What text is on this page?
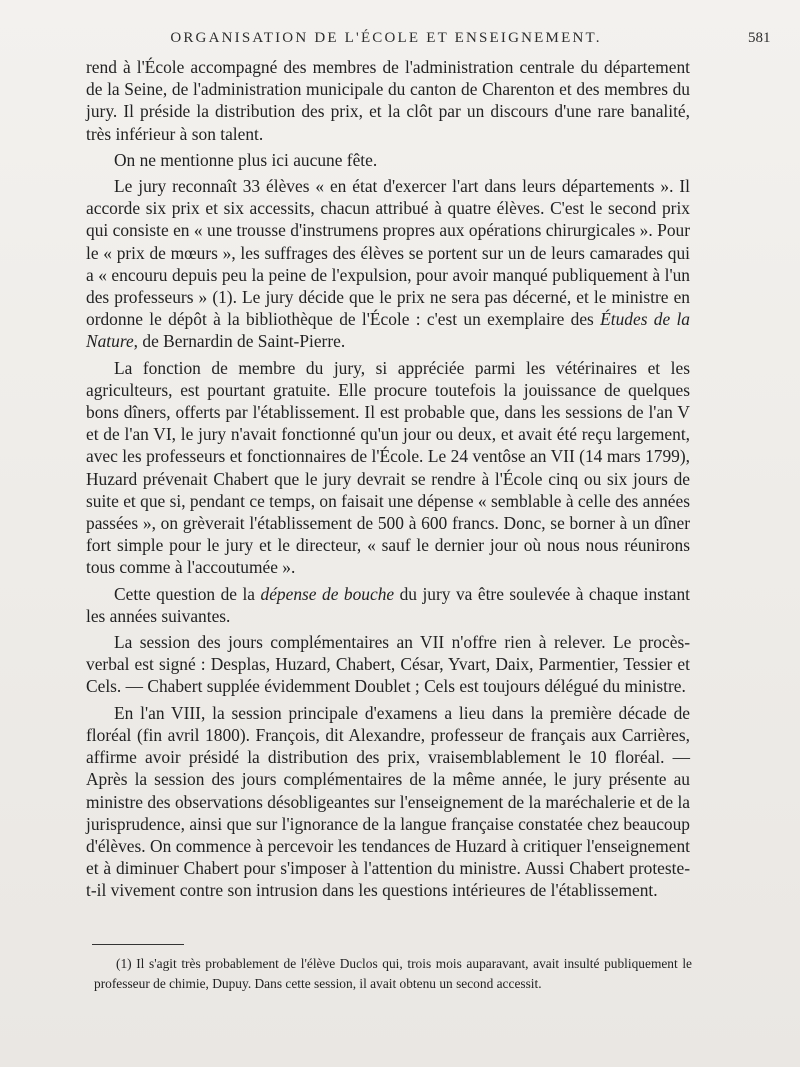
ORGANISATION DE L'ÉCOLE ET ENSEIGNEMENT.	581

rend à l'École accompagné des membres de l'administration centrale du département de la Seine, de l'administration municipale du canton de Charenton et des membres du jury. Il préside la distribution des prix, et la clôt par un discours d'une rare banalité, très inférieur à son talent.

On ne mentionne plus ici aucune fête.

Le jury reconnaît 33 élèves « en état d'exercer l'art dans leurs départements ». Il accorde six prix et six accessits, chacun attribué à quatre élèves. C'est le second prix qui consiste en « une trousse d'instrumens propres aux opérations chirurgicales ». Pour le « prix de mœurs », les suffrages des élèves se portent sur un de leurs camarades qui a « encouru depuis peu la peine de l'expulsion, pour avoir manqué publiquement à l'un des professeurs » (1). Le jury décide que le prix ne sera pas décerné, et le ministre en ordonne le dépôt à la bibliothèque de l'École : c'est un exemplaire des Études de la Nature, de Bernardin de Saint-Pierre.

La fonction de membre du jury, si appréciée parmi les vétérinaires et les agriculteurs, est pourtant gratuite. Elle procure toutefois la jouissance de quelques bons dîners, offerts par l'établissement. Il est probable que, dans les sessions de l'an V et de l'an VI, le jury n'avait fonctionné qu'un jour ou deux, et avait été reçu largement, avec les professeurs et fonctionnaires de l'École. Le 24 ventôse an VII (14 mars 1799), Huzard prévenait Chabert que le jury devrait se rendre à l'École cinq ou six jours de suite et que si, pendant ce temps, on faisait une dépense « semblable à celle des années passées », on grèverait l'établissement de 500 à 600 francs. Donc, se borner à un dîner fort simple pour le jury et le directeur, « sauf le dernier jour où nous nous réunirons tous comme à l'accoutumée ».

Cette question de la dépense de bouche du jury va être soulevée à chaque instant les années suivantes.

La session des jours complémentaires an VII n'offre rien à relever. Le procès-verbal est signé : Desplas, Huzard, Chabert, César, Yvart, Daix, Parmentier, Tessier et Cels. — Chabert supplée évidemment Doublet ; Cels est toujours délégué du ministre.

En l'an VIII, la session principale d'examens a lieu dans la première décade de floréal (fin avril 1800). François, dit Alexandre, professeur de français aux Carrières, affirme avoir présidé la distribution des prix, vraisemblablement le 10 floréal. — Après la session des jours complémentaires de la même année, le jury présente au ministre des observations désobligeantes sur l'enseignement de la maréchalerie et de la jurisprudence, ainsi que sur l'ignorance de la langue française constatée chez beaucoup d'élèves. On commence à percevoir les tendances de Huzard à critiquer l'enseignement et à diminuer Chabert pour s'imposer à l'attention du ministre. Aussi Chabert proteste-t-il vivement contre son intrusion dans les questions intérieures de l'établissement.

(1) Il s'agit très probablement de l'élève Duclos qui, trois mois auparavant, avait insulté publiquement le professeur de chimie, Dupuy. Dans cette session, il avait obtenu un second accessit.
